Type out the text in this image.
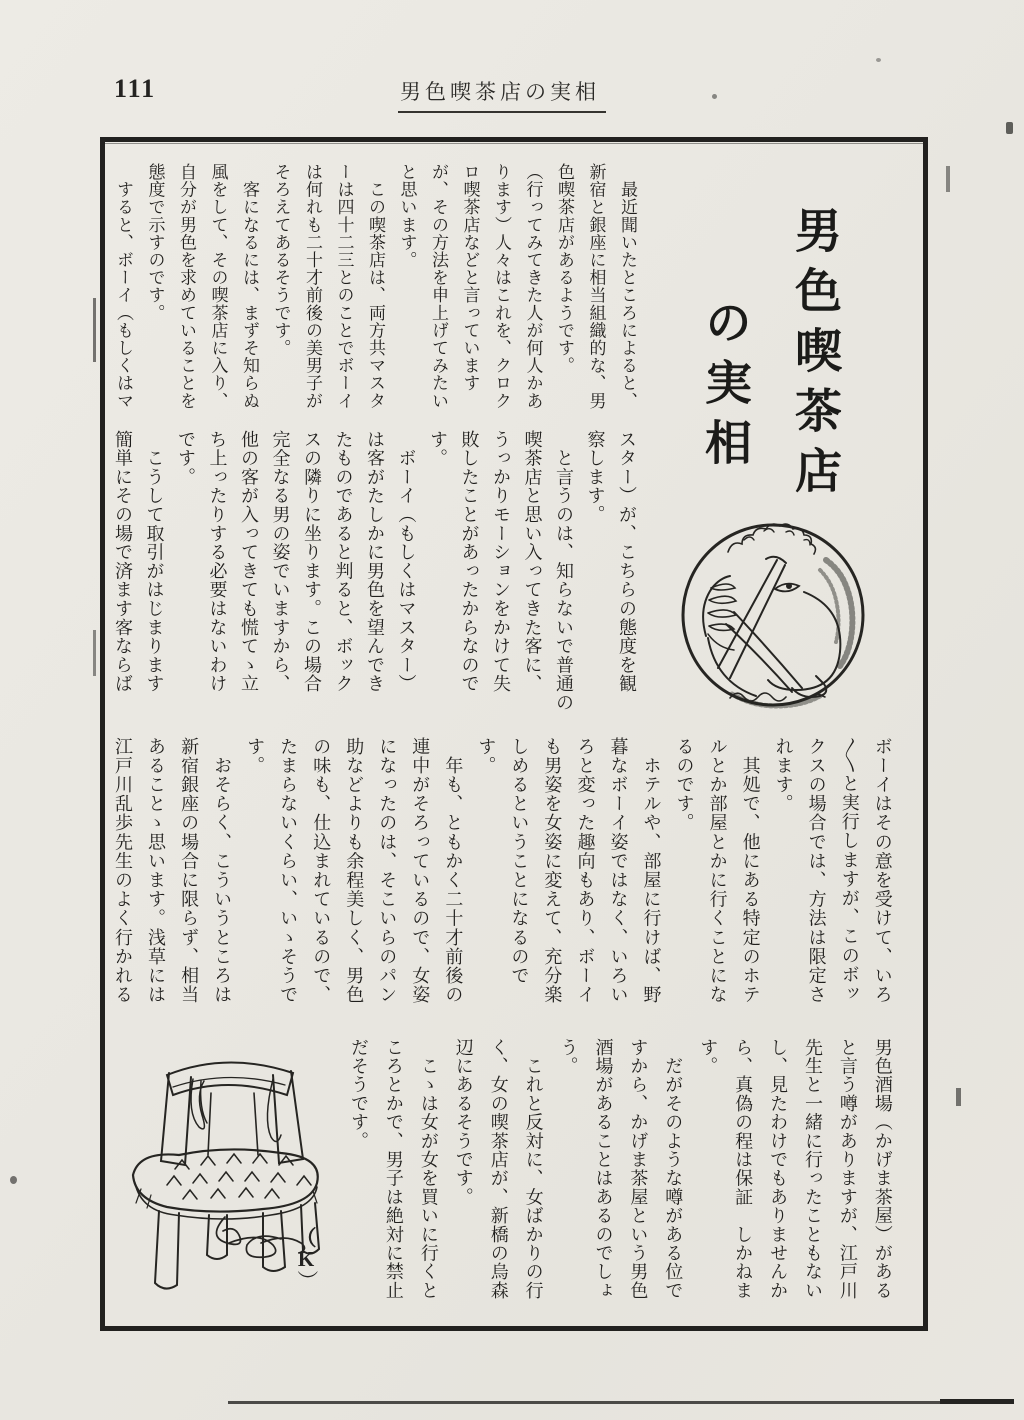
111	男色喫茶店の実相
男色喫茶店
の実相
　最近聞いたところによると、
新宿と銀座に相当組織的な、男
色喫茶店があるようです。
（行ってみてきた人が何人かあ
ります）人々はこれを、クロク
ロ喫茶店などと言っています
が、その方法を申上げてみたい
と思います。
　この喫茶店は、両方共マスタ
ーは四十二三とのことでボーイ
は何れも二十才前後の美男子が
そろえてあるそうです。
　客になるには、まずそ知らぬ
風をして、その喫茶店に入り、
自分が男色を求めていることを
態度で示すのです。
　すると、ボーイ（もしくはマ
スター）が、こちらの態度を観
察します。
　と言うのは、知らないで普通の
喫茶店と思い入ってきた客に、
うっかりモーションをかけて失
敗したことがあったからなので
す。
　ボーイ（もしくはマスター）
は客がたしかに男色を望んでき
たものであると判ると、ボック
スの隣りに坐ります。この場合
完全なる男の姿でいますから、
他の客が入ってきても慌てゝ立
ち上ったりする必要はないわけ
です。
　こうして取引がはじまります
簡単にその場で済ます客ならば
ボーイはその意を受けて、いろ
〱と実行しますが、このボッ
クスの場合では、方法は限定さ
れます。
　其処で、他にある特定のホテ
ルとか部屋とかに行くことにな
るのです。
　ホテルや、部屋に行けば、野
暮なボーイ姿ではなく、いろい
ろと変った趣向もあり、ボーイ
も男姿を女姿に変えて、充分楽
しめるということになるので
す。
　年も、ともかく二十才前後の
連中がそろっているので、女姿
になったのは、そこいらのパン
助などよりも余程美しく、男色
の味も、仕込まれているので、
たまらないくらい、いゝそうで
す。
　おそらく、こういうところは
新宿銀座の場合に限らず、相当
あることゝ思います。浅草には
江戸川乱歩先生のよく行かれる
男色酒場（かげま茶屋）がある
と言う噂がありますが、江戸川
先生と一緒に行ったこともない
し、見たわけでもありませんか
ら、真偽の程は保証　しかねま
す。
　だがそのような噂がある位で
すから、かげま茶屋という男色
酒場があることはあるのでしょ
う。
　これと反対に、女ばかりの行
く、女の喫茶店が、新橋の烏森
辺にあるそうです。
　こゝは女が女を買いに行くと
ころとかで、男子は絶対に禁止
だそうです。
（
K
）
